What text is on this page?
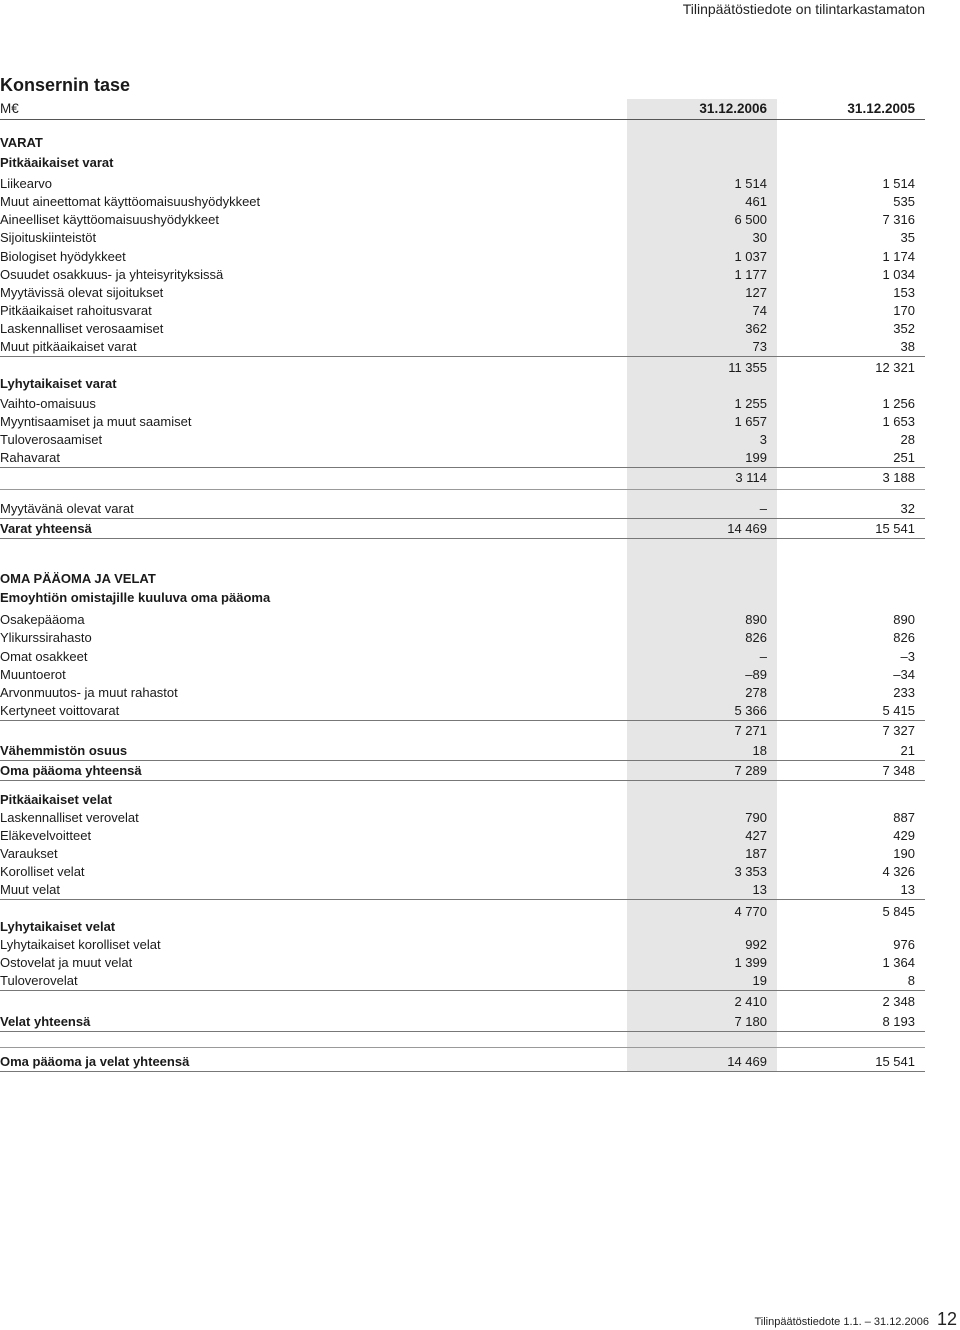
Tilinpäätöstiedote on tilintarkastamaton
Konsernin tase
M€	31.12.2006	31.12.2005
VARAT
Pitkäaikaiset varat
Liikearvo	1 514	1 514
Muut aineettomat käyttöomaisuushyödykkeet	461	535
Aineelliset käyttöomaisuushyödykkeet	6 500	7 316
Sijoituskiinteistöt	30	35
Biologiset hyödykkeet	1 037	1 174
Osuudet osakkuus- ja yhteisyrityksissä	1 177	1 034
Myytävissä olevat sijoitukset	127	153
Pitkäaikaiset rahoitusvarat	74	170
Laskennalliset verosaamiset	362	352
Muut pitkäaikaiset varat	73	38
11 355	12 321
Lyhytaikaiset varat
Vaihto-omaisuus	1 255	1 256
Myyntisaamiset ja muut saamiset	1 657	1 653
Tuloverosaamiset	3	28
Rahavarat	199	251
3 114	3 188
Myytävänä olevat varat	–	32
Varat yhteensä	14 469	15 541
OMA PÄÄOMA JA VELAT
Emoyhtiön omistajille kuuluva oma pääoma
Osakepääoma	890	890
Ylikurssirahasto	826	826
Omat osakkeet	–	–3
Muuntoerot	–89	–34
Arvonmuutos- ja muut rahastot	278	233
Kertyneet voittovarat	5 366	5 415
7 271	7 327
Vähemmistön osuus	18	21
Oma pääoma yhteensä	7 289	7 348
Pitkäaikaiset velat
Laskennalliset verovelat	790	887
Eläkevelvoitteet	427	429
Varaukset	187	190
Korolliset velat	3 353	4 326
Muut velat	13	13
4 770	5 845
Lyhytaikaiset velat
Lyhytaikaiset korolliset velat	992	976
Ostovelat ja muut velat	1 399	1 364
Tuloverovelat	19	8
2 410	2 348
Velat yhteensä	7 180	8 193
Oma pääoma ja velat yhteensä	14 469	15 541
Tilinpäätöstiedote 1.1. – 31.12.2006 12
